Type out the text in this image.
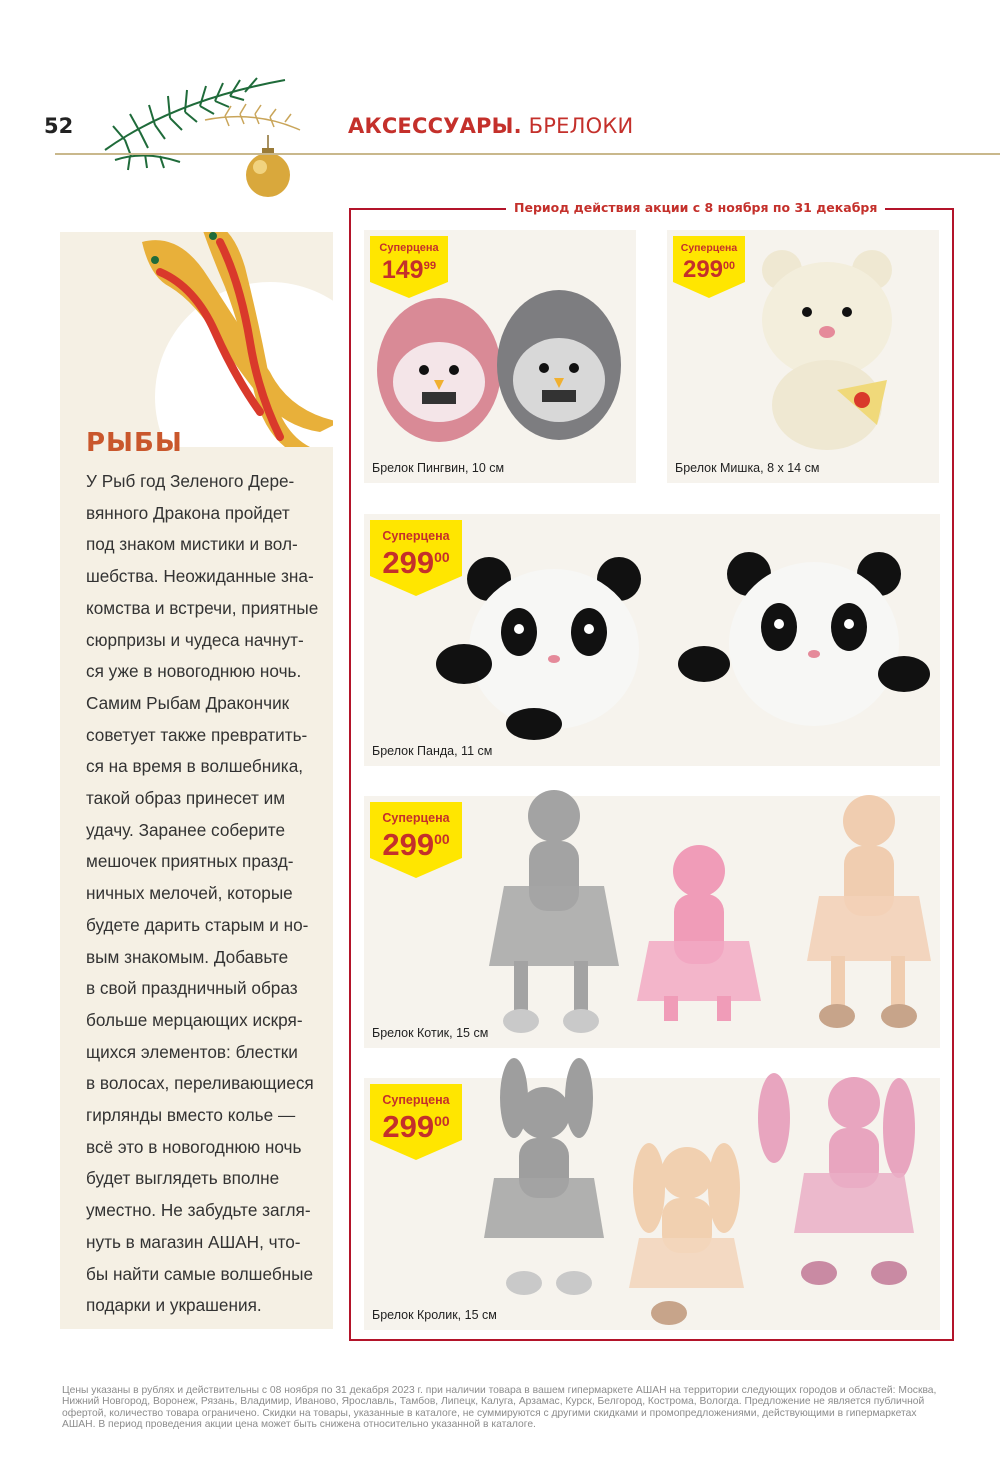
52	АКСЕССУАРЫ. БРЕЛОКИ
РЫБЫ
У Рыб год Зеленого Дере-
вянного Дракона пройдет
под знаком мистики и вол-
шебства. Неожиданные зна-
комства и встречи, приятные
сюрпризы и чудеса начнут-
ся уже в новогоднюю ночь.
Самим Рыбам Дракончик
советует также превратить-
ся на время в волшебника,
такой образ принесет им
удачу. Заранее соберите
мешочек приятных празд-
ничных мелочей, которые
будете дарить старым и но-
вым знакомым. Добавьте
в свой праздничный образ
больше мерцающих искря-
щихся элементов: блестки
в волосах, переливающиеся
гирлянды вместо колье —
всё это в новогоднюю ночь
будет выглядеть вполне
уместно. Не забудьте загля-
нуть в магазин АШАН, что-
бы найти самые волшебные
подарки и украшения.
Период действия акции с 8 ноября по 31 декабря
Суперцена
$149^{99}$
Брелок Пингвин, 10 см
Суперцена
$299^{00}$
Брелок Мишка, 8 х 14 см
Суперцена
$299^{00}$
Брелок Панда, 11 см
Суперцена
$299^{00}$
Брелок Котик, 15 см
Суперцена
$299^{00}$
Брелок Кролик, 15 см
Цены указаны в рублях и действительны с 08 ноября по 31 декабря 2023 г. при наличии товара в вашем гипермаркете АШАН на территории следующих городов и областей: Москва, Нижний Новгород, Воронеж, Рязань, Владимир, Иваново, Ярославль, Тамбов, Липецк, Калуга, Арзамас, Курск, Белгород, Кострома, Вологда. Предложение не является публичной офертой, количество товара ограничено. Скидки на товары, указанные в каталоге, не суммируются с другими скидками и промопредложениями, действующими в гипермаркетах АШАН. В период проведения акции цена может быть снижена относительно указанной в каталоге.
